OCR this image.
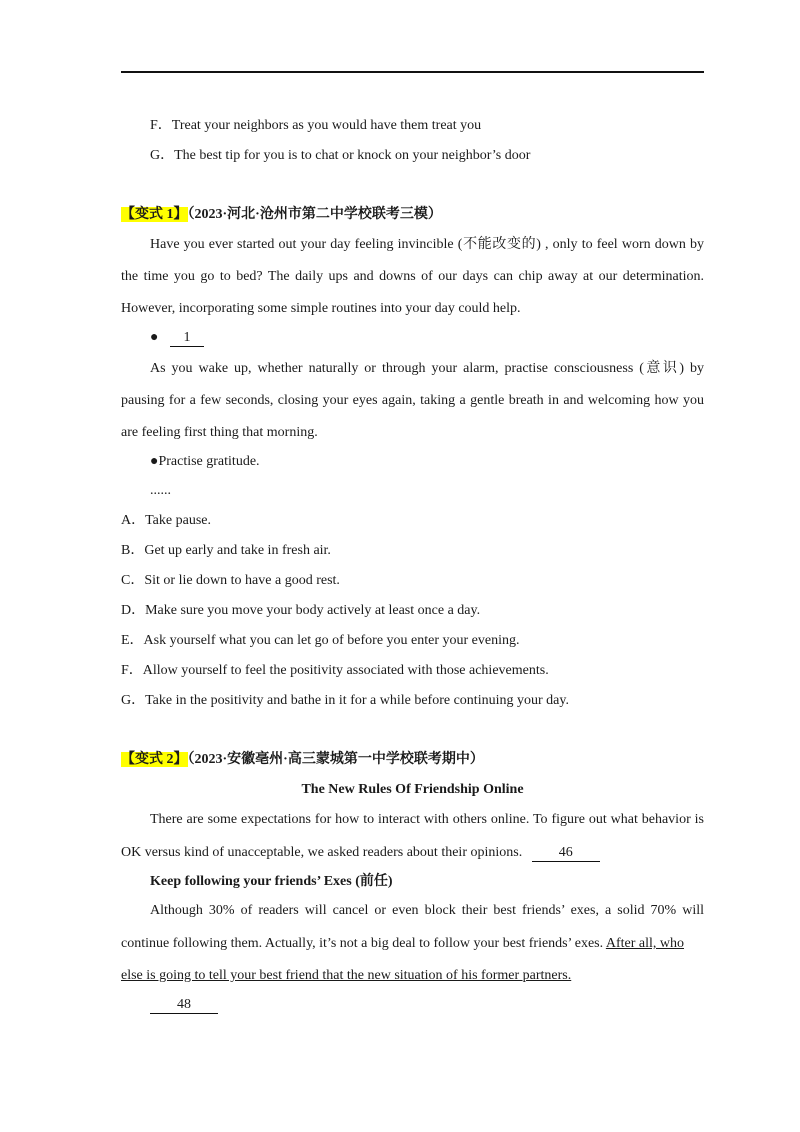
F．Treat your neighbors as you would have them treat you
G．The best tip for you is to chat or knock on your neighbor’s door
【变式 1】（2023·河北·沧州市第二中学校联考三模）
Have you ever started out your day feeling invincible (不能改变的) , only to feel worn down by
the time you go to bed? The daily ups and downs of our days can chip away at our determination.
However, incorporating some simple routines into your day could help.
● 1
As you wake up, whether naturally or through your alarm, practise consciousness (意识) by
pausing for a few seconds, closing your eyes again, taking a gentle breath in and welcoming how you
are feeling first thing that morning.
●Practise gratitude.
......
A．Take pause.
B．Get up early and take in fresh air.
C．Sit or lie down to have a good rest.
D．Make sure you move your body actively at least once a day.
E．Ask yourself what you can let go of before you enter your evening.
F．Allow yourself to feel the positivity associated with those achievements.
G．Take in the positivity and bathe in it for a while before continuing your day.
【变式 2】（2023·安徽亳州·高三蒙城第一中学校联考期中）
The New Rules Of Friendship Online
There are some expectations for how to interact with others online. To figure out what behavior is
OK versus kind of unacceptable, we asked readers about their opinions.	46
Keep following your friends’ Exes (前任)
Although 30% of readers will cancel or even block their best friends’ exes, a solid 70% will
continue following them. Actually, it’s not a big deal to follow your best friends’ exes. After all, who
else is going to tell your best friend that the new situation of his former partners.
48
